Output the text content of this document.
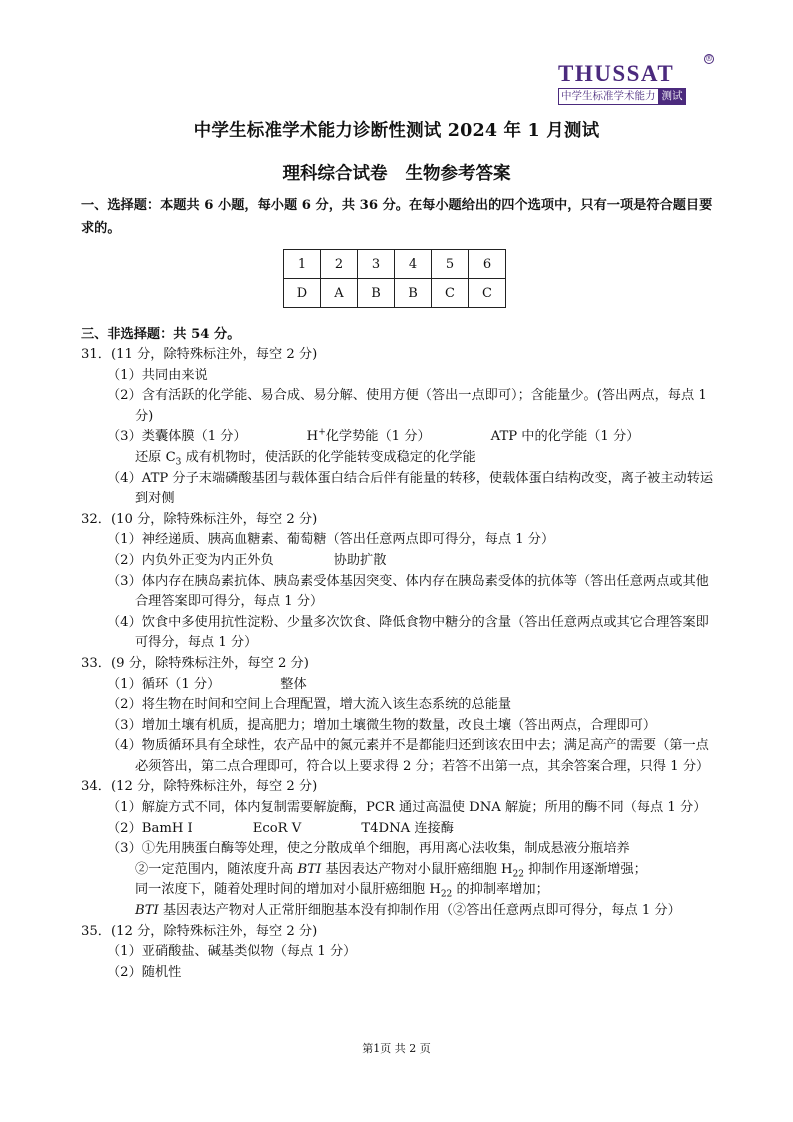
THUSSAT
®
中学生标准学术能力 测试
中学生标准学术能力诊断性测试 2024 年 1 月测试
理科综合试卷 生物参考答案
一、选择题：本题共 6 小题，每小题 6 分，共 36 分。在每小题给出的四个选项中，只有一项是符合题目要求的。
1	2	3	4	5	6
D	A	B	B	C	C
三、非选择题：共 54 分。

31．(11 分，除特殊标注外，每空 2 分)

（1）共同由来说

（2）含有活跃的化学能、易合成、易分解、使用方便（答出一点即可）；含能量少。(答出两点，每点 1 分)

（3）类囊体膜（1 分）	H+化学势能（1 分）	ATP 中的化学能（1 分）

还原 $C_3$ 成有机物时，使活跃的化学能转变成稳定的化学能

（4）ATP 分子末端磷酸基团与载体蛋白结合后伴有能量的转移，使载体蛋白结构改变，离子被主动转运到对侧

32．(10 分，除特殊标注外，每空 2 分)

（1）神经递质、胰高血糖素、葡萄糖（答出任意两点即可得分，每点 1 分）

（2）内负外正变为内正外负	协助扩散

（3）体内存在胰岛素抗体、胰岛素受体基因突变、体内存在胰岛素受体的抗体等（答出任意两点或其他合理答案即可得分，每点 1 分）

（4）饮食中多使用抗性淀粉、少量多次饮食、降低食物中糖分的含量（答出任意两点或其它合理答案即可得分，每点 1 分）

33．(9 分，除特殊标注外，每空 2 分)

（1）循环（1 分）	整体

（2）将生物在时间和空间上合理配置，增大流入该生态系统的总能量

（3）增加土壤有机质，提高肥力；增加土壤微生物的数量，改良土壤（答出两点，合理即可）

（4）物质循环具有全球性，农产品中的氮元素并不是都能归还到该农田中去；满足高产的需要（第一点必须答出，第二点合理即可，符合以上要求得 2 分；若答不出第一点，其余答案合理，只得 1 分）

34．(12 分，除特殊标注外，每空 2 分)

（1）解旋方式不同，体内复制需要解旋酶，PCR 通过高温使 DNA 解旋；所用的酶不同（每点 1 分）

（2）BamH I	EcoR V	T4DNA 连接酶

（3）①先用胰蛋白酶等处理，使之分散成单个细胞，再用离心法收集，制成悬液分瓶培养

②一定范围内，随浓度升高 BTI 基因表达产物对小鼠肝癌细胞 $H_{22}$ 抑制作用逐渐增强；

同一浓度下，随着处理时间的增加对小鼠肝癌细胞 $H_{22}$ 的抑制率增加；

BTI 基因表达产物对人正常肝细胞基本没有抑制作用（②答出任意两点即可得分，每点 1 分）

35．(12 分，除特殊标注外，每空 2 分)

（1）亚硝酸盐、碱基类似物（每点 1 分）

（2）随机性

第1页 共 2 页
